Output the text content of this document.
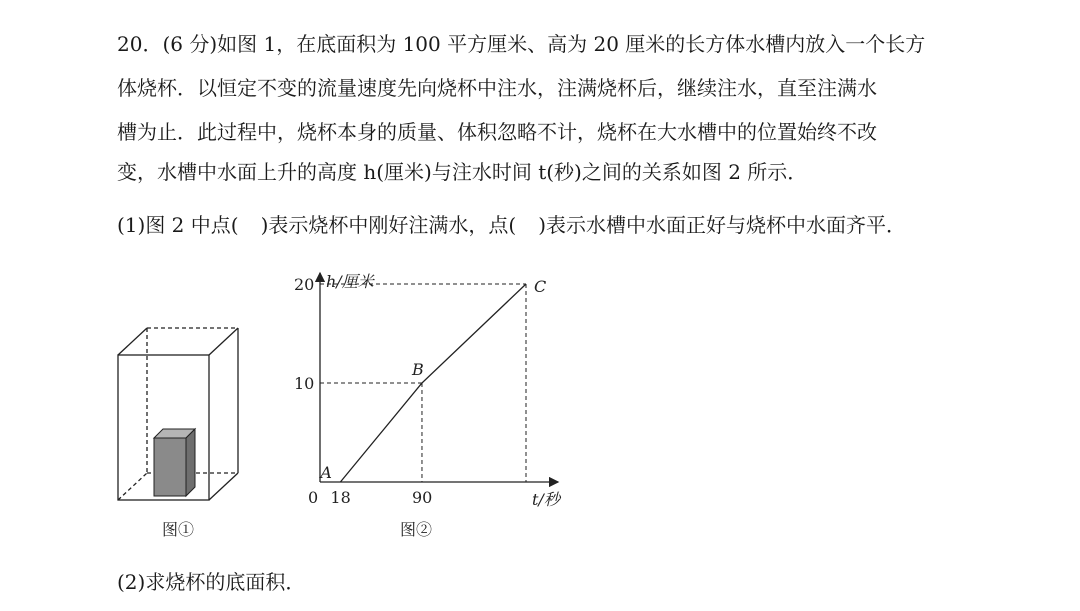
20．(6 分)如图 1，在底面积为 100 平方厘米、高为 20 厘米的长方体水槽内放入一个长方
体烧杯．以恒定不变的流量速度先向烧杯中注水，注满烧杯后，继续注水，直至注满水
槽为止．此过程中，烧杯本身的质量、体积忽略不计，烧杯在大水槽中的位置始终不改
变，水槽中水面上升的高度 h(厘米)与注水时间 t(秒)之间的关系如图 2 所示．
(1)图 2 中点( )表示烧杯中刚好注满水，点( )表示水槽中水面正好与烧杯中水面齐平．
图①
h/厘米
t/秒
0
A
B
C
18	90
10
20
图②
(2)求烧杯的底面积．
